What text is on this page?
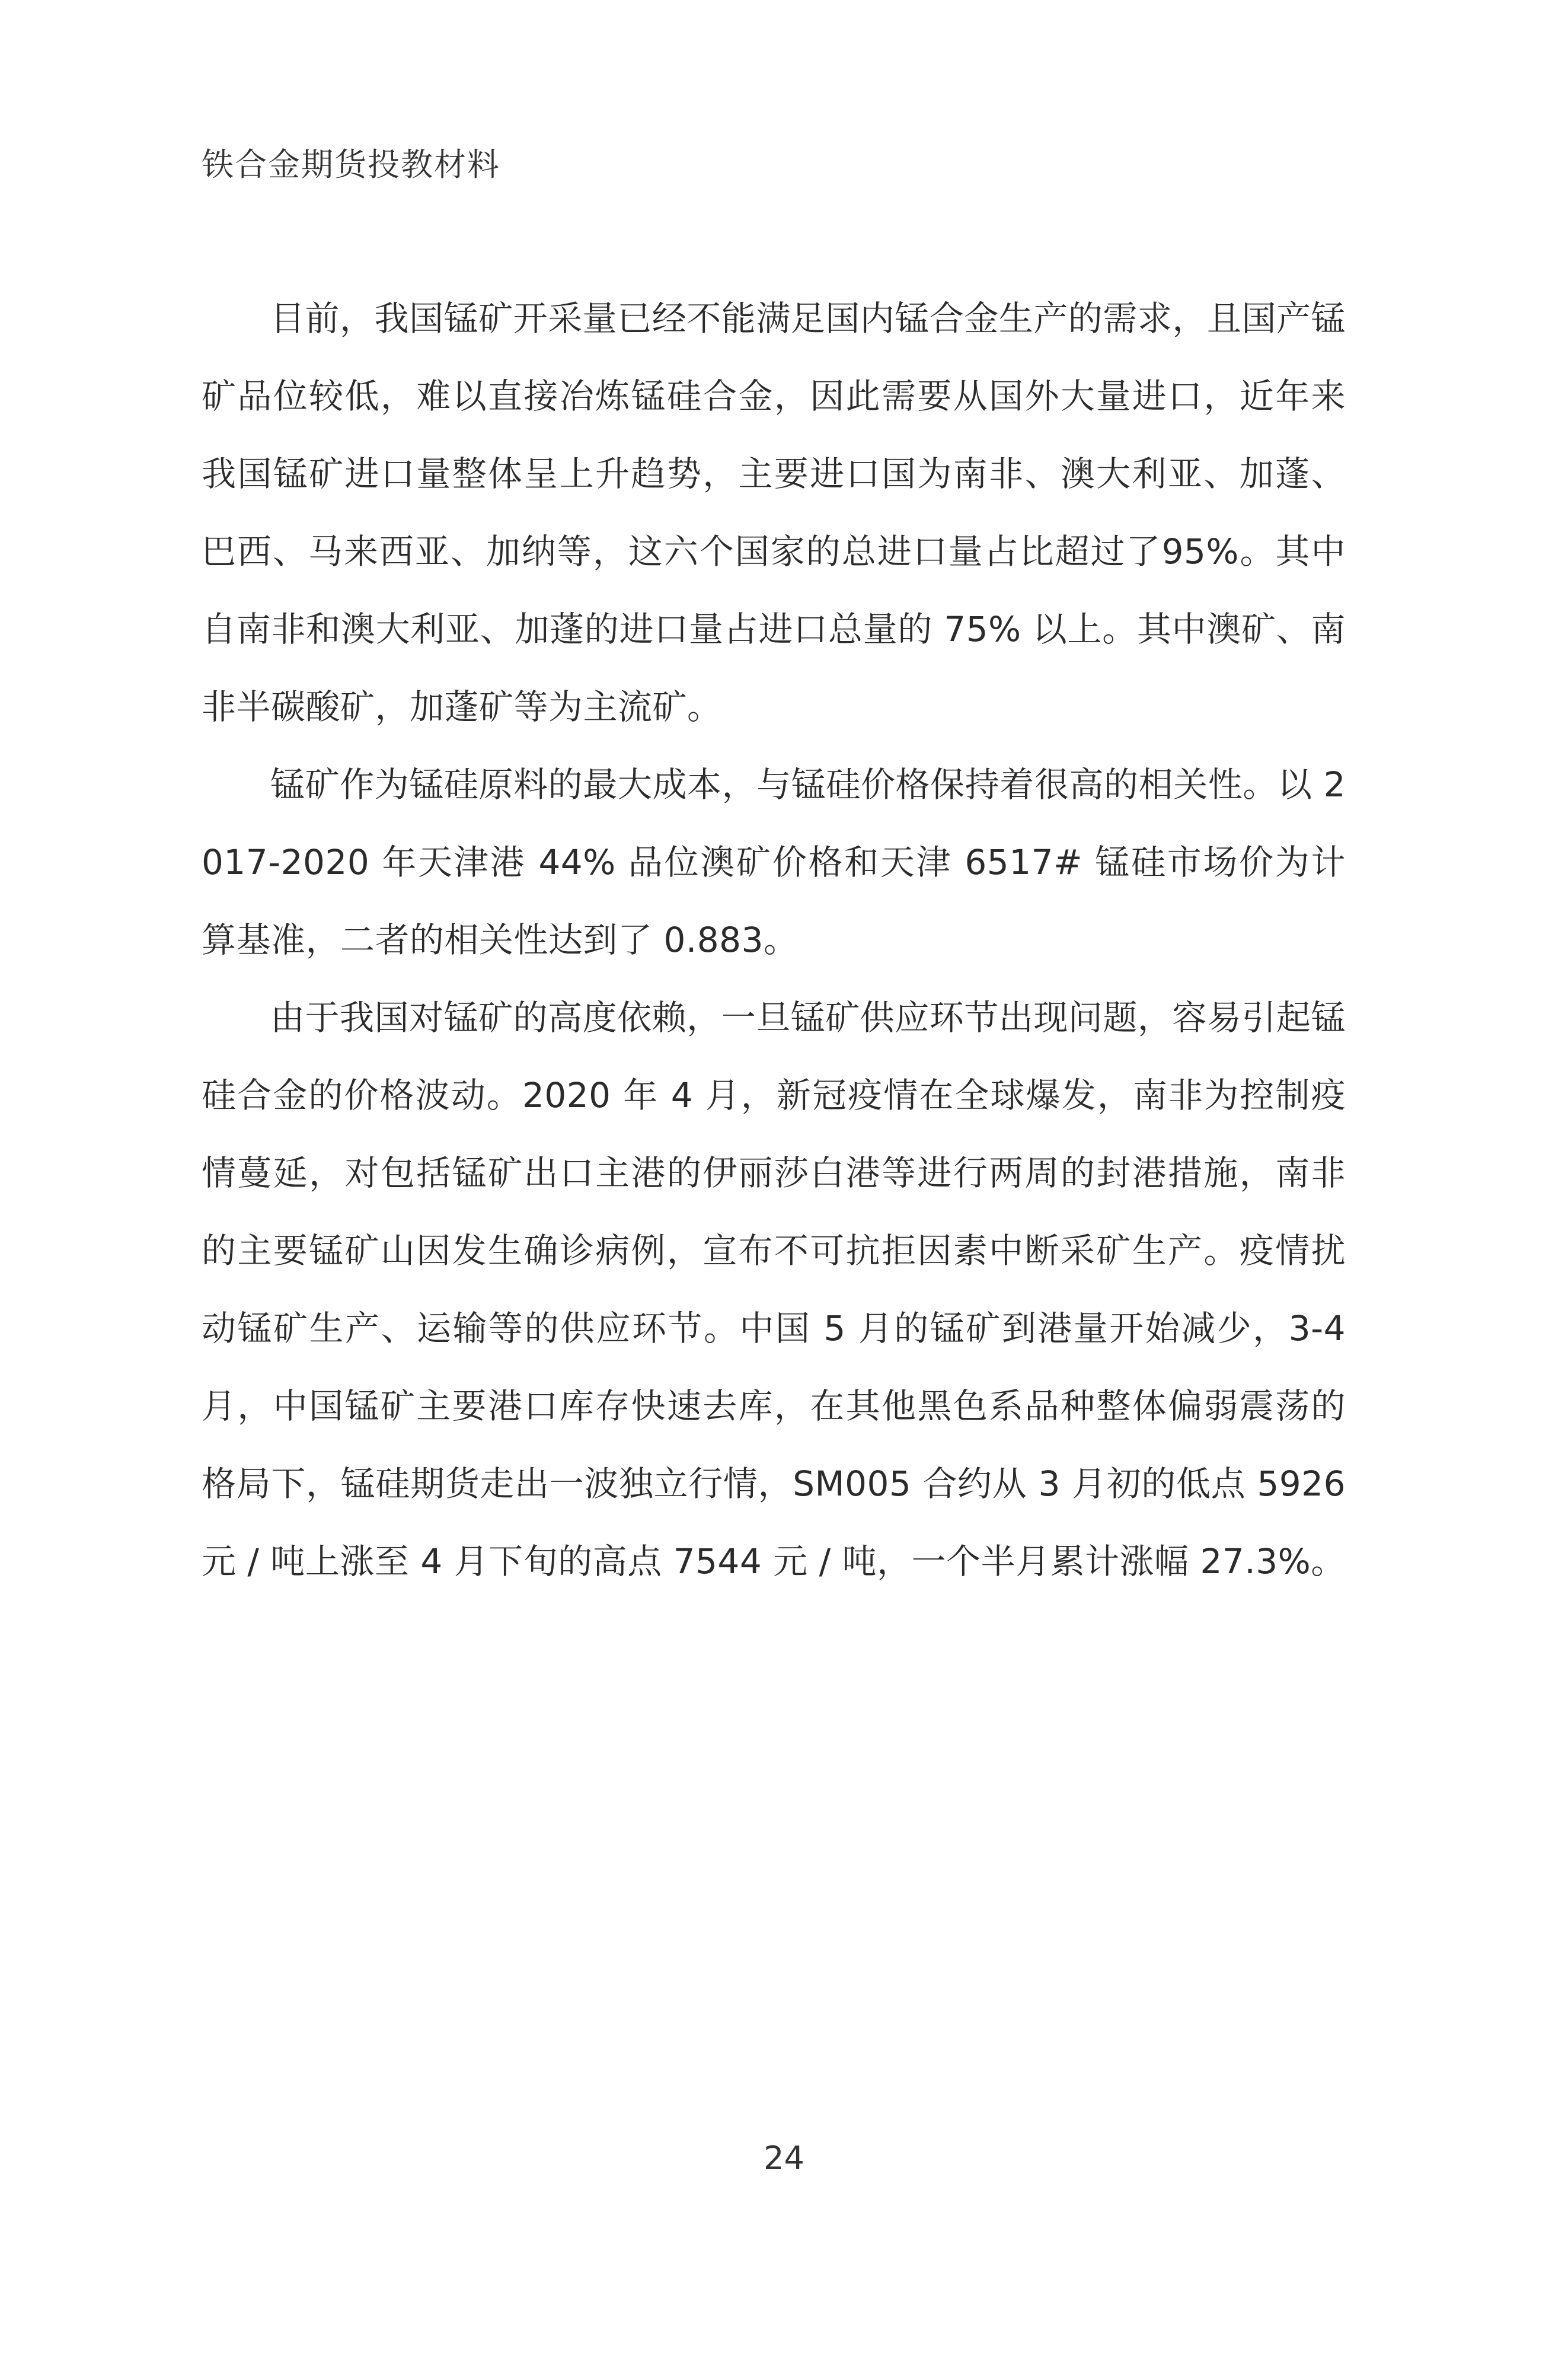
铁合金期货投教材料

目前，我国锰矿开采量已经不能满足国内锰合金生产的需求，且国产锰矿品位较低，难以直接冶炼锰硅合金，因此需要从国外大量进口，近年来我国锰矿进口量整体呈上升趋势，主要进口国为南非、澳大利亚、加蓬、巴西、马来西亚、加纳等，这六个国家的总进口量占比超过了95%。其中自南非和澳大利亚、加蓬的进口量占进口总量的 75% 以上。其中澳矿、南非半碳酸矿，加蓬矿等为主流矿。

锰矿作为锰硅原料的最大成本，与锰硅价格保持着很高的相关性。以 2017-2020 年天津港 44% 品位澳矿价格和天津 6517# 锰硅市场价为计算基准，二者的相关性达到了 0.883。

由于我国对锰矿的高度依赖，一旦锰矿供应环节出现问题，容易引起锰硅合金的价格波动。2020 年 4 月，新冠疫情在全球爆发，南非为控制疫情蔓延，对包括锰矿出口主港的伊丽莎白港等进行两周的封港措施，南非的主要锰矿山因发生确诊病例，宣布不可抗拒因素中断采矿生产。疫情扰动锰矿生产、运输等的供应环节。中国 5 月的锰矿到港量开始减少，3-4 月，中国锰矿主要港口库存快速去库，在其他黑色系品种整体偏弱震荡的格局下，锰硅期货走出一波独立行情，SM005 合约从 3 月初的低点 5926 元 / 吨上涨至 4 月下旬的高点 7544 元 / 吨，一个半月累计涨幅 27.3%。

24
